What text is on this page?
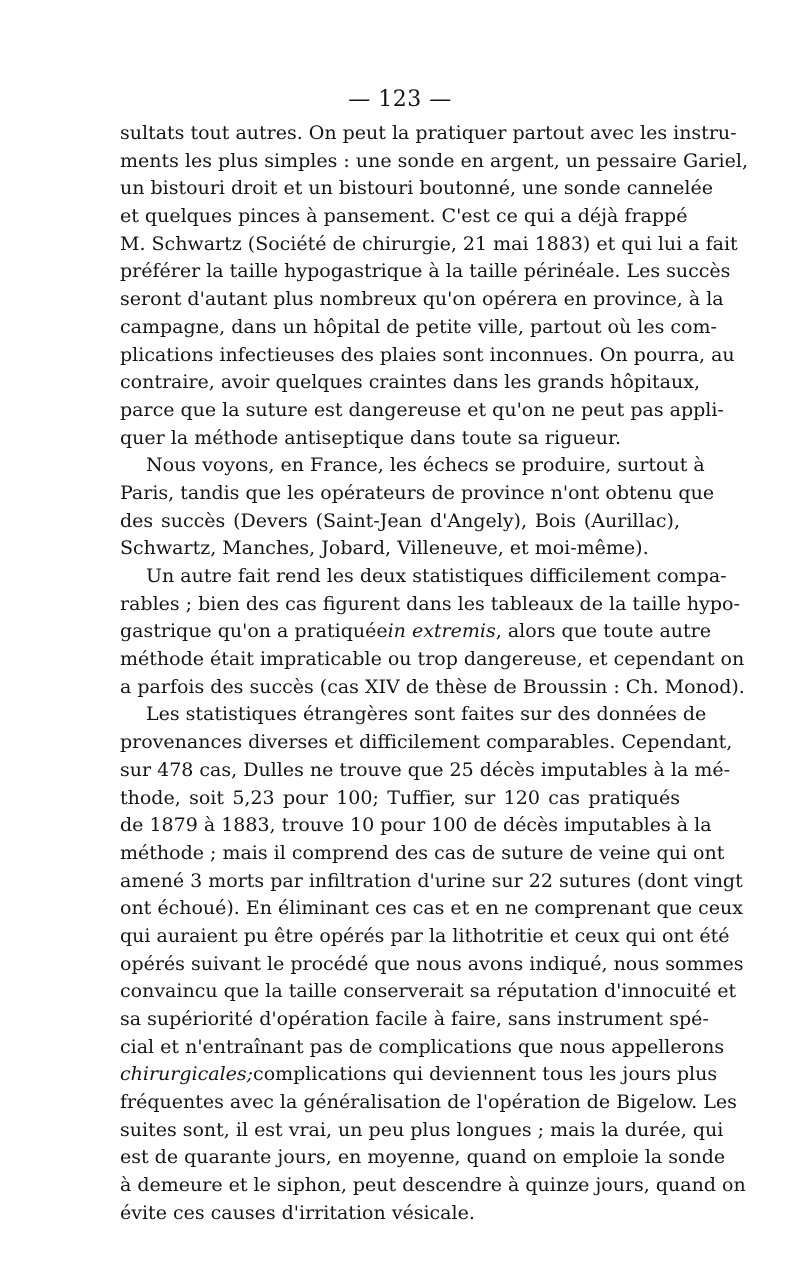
— 123 —
sultats tout autres. On peut la pratiquer partout avec les instru-
ments les plus simples : une sonde en argent, un pessaire Gariel,
un bistouri droit et un bistouri boutonné, une sonde cannelée
et quelques pinces à pansement. C'est ce qui a déjà frappé
M. Schwartz (Société de chirurgie, 21 mai 1883) et qui lui a fait
préférer la taille hypogastrique à la taille périnéale. Les succès
seront d'autant plus nombreux qu'on opérera en province, à la
campagne, dans un hôpital de petite ville, partout où les com-
plications infectieuses des plaies sont inconnues. On pourra, au
contraire, avoir quelques craintes dans les grands hôpitaux,
parce que la suture est dangereuse et qu'on ne peut pas appli-
quer la méthode antiseptique dans toute sa rigueur.
Nous voyons, en France, les échecs se produire, surtout à
Paris, tandis que les opérateurs de province n'ont obtenu que
des succès (Devers (Saint-Jean d'Angely), Bois (Aurillac),
Schwartz, Manches, Jobard, Villeneuve, et moi-même).
Un autre fait rend les deux statistiques difficilement compa-
rables ; bien des cas figurent dans les tableaux de la taille hypo-
gastrique qu'on a pratiquée in extremis , alors que toute autre
méthode était impraticable ou trop dangereuse, et cependant on
a parfois des succès (cas XIV de thèse de Broussin : Ch. Monod).
Les statistiques étrangères sont faites sur des données de
provenances diverses et difficilement comparables. Cependant,
sur 478 cas, Dulles ne trouve que 25 décès imputables à la mé-
thode, soit 5,23 pour 100; Tuffier, sur 120 cas pratiqués
de 1879 à 1883, trouve 10 pour 100 de décès imputables à la
méthode ; mais il comprend des cas de suture de veine qui ont
amené 3 morts par infiltration d'urine sur 22 sutures (dont vingt
ont échoué). En éliminant ces cas et en ne comprenant que ceux
qui auraient pu être opérés par la lithotritie et ceux qui ont été
opérés suivant le procédé que nous avons indiqué, nous sommes
convaincu que la taille conserverait sa réputation d'innocuité et
sa supériorité d'opération facile à faire, sans instrument spé-
cial et n'entraînant pas de complications que nous appellerons
chirurgicales; complications qui deviennent tous les jours plus
fréquentes avec la généralisation de l'opération de Bigelow. Les
suites sont, il est vrai, un peu plus longues ; mais la durée, qui
est de quarante jours, en moyenne, quand on emploie la sonde
à demeure et le siphon, peut descendre à quinze jours, quand on
évite ces causes d'irritation vésicale.
